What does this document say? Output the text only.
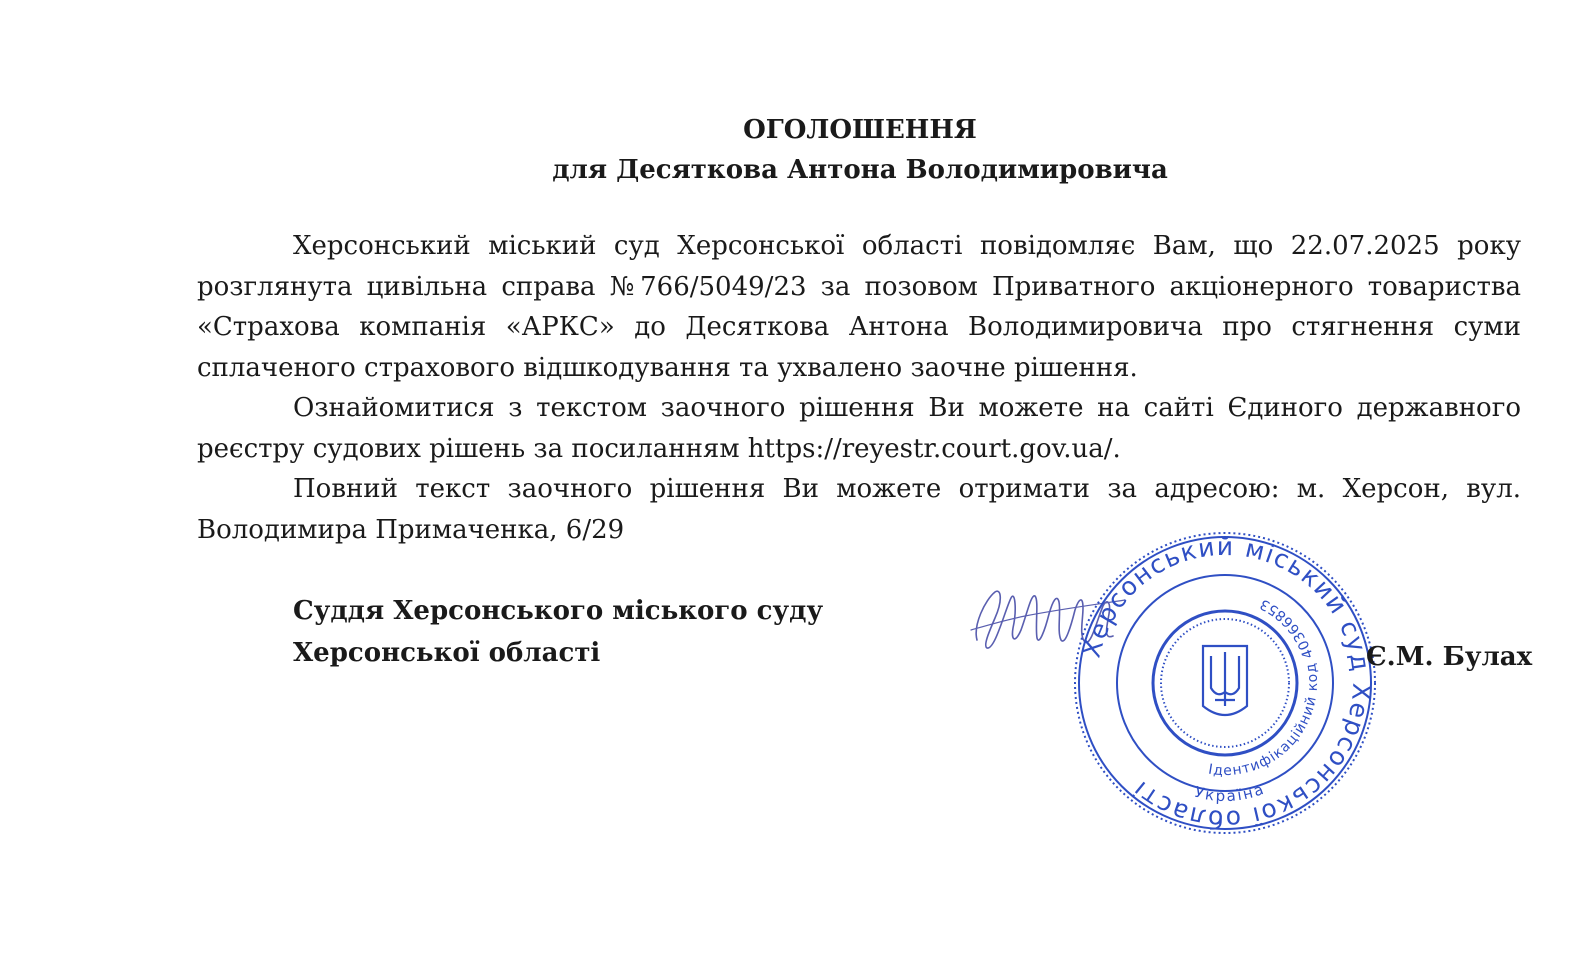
ОГОЛОШЕННЯ
для Десяткова Антона Володимировича

Херсонський міський суд Херсонської області повідомляє Вам, що 22.07.2025 року розглянута цивільна справа №766/5049/23 за позовом Приватного акціонерного товариства «Страхова компанія «АРКС» до Десяткова Антона Володимировича про стягнення суми сплаченого страхового відшкодування та ухвалено заочне рішення.

Ознайомитися з текстом заочного рішення Ви можете на сайті Єдиного державного реєстру судових рішень за посиланням https://reyestr.court.gov.ua/.

Повний текст заочного рішення Ви можете отримати за адресою: м. Херсон, вул. Володимира Примаченка, 6/29

Суддя Херсонського міського суду
Херсонської області	Херсонський міський суд Херсонської області
Ідентифікаційний код 40366853
Україна
Є.М. Булах
